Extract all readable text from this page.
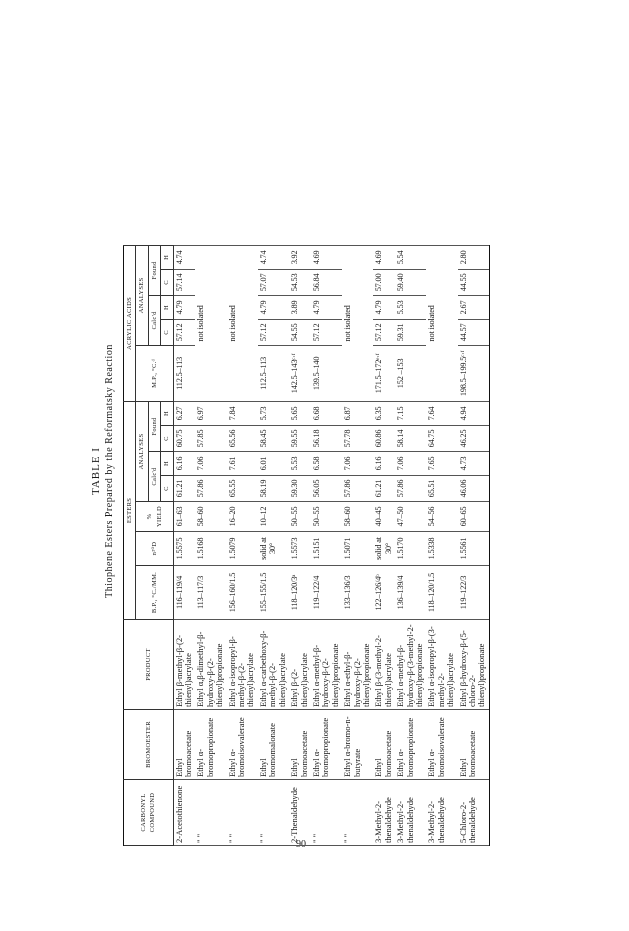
90
TABLE I Thiophene Esters Prepared by the Reformatsky Reaction
CARBONYL COMPOUND	BROMOESTER	PRODUCT	ESTERS							ACRYLIC ACIDS					
			B.P., °C./MM.	n²⁰D	% YIELD	ANALYSES				M.P., °C.ᵈ	ANALYSES				
						Calc'd		Found			Calc'd		Found		
						C	H	C	H		C	H	C	H	
2-Acetothienone	Ethyl bromoacetate	Ethyl β-methyl-β-(2-thienyl)acrylate	116–119/4	1.5575	61–63	61.21	6.16	60.75	6.27	112.5–113	57.12	4.79	57.14	4.74	
" "	Ethyl α-bromopropionate	Ethyl α,β-dimethyl-β-hydroxy-β-(2-thienyl)propionate	113–117/3	1.5168	58–60	57.86	7.06	57.85	6.97	not isolated					
" "	Ethyl α-bromoisovalerate	Ethyl α-isopropyl-β-methyl-β-(2-thienyl)acrylate	156–160/1.5	1.5079	16–20	65.55	7.61	65.56	7.84	not isolated					
" "	Ethyl bromomalonate	Ethyl α-carbethoxy-β-methyl-β-(2-thienyl)acrylate	155–155/1.5	solid at 30°	10–12	58.19	6.01	58.45	5.73	112.5–113	57.12	4.79	57.07	4.74	
2-Thenaldehyde	Ethyl bromoacetate	Ethyl β-(2-thienyl)acrylate	118–120/3ᵃ	1.5573	50–55	59.30	5.53	59.55	5.65	142.5–143ᶜ·ᶠ	54.55	3.89	54.53	3.92	
" "	Ethyl α-bromopropionate	Ethyl α-methyl-β-hydroxy-β-(2-thienyl)propionate	119–122/4	1.5151	50–55	56.05	6.58	56.18	6.68	139.5–140	57.12	4.79	56.84	4.69	
" "	Ethyl α-bromo-n-butyrate	Ethyl α-ethyl-β-hydroxy-β-(2-thienyl)propionate	133–136/3	1.5071	58–60	57.86	7.06	57.78	6.87	not isolated					
3-Methyl-2-thenaldehyde	Ethyl bromoacetate	Ethyl β-(3-methyl-2-thienyl)acrylate	122–126/4ᵇ	solid at 30°	40–45	61.21	6.16	60.86	6.35	171.5–172ᵉ·ᶠ	57.12	4.79	57.00	4.69	
3-Methyl-2-thenaldehyde	Ethyl α-bromopropionate	Ethyl α-methyl-β-hydroxy-β-(3-methyl-2-thienyl)propionate	136–139/4	1.5170	47–50	57.86	7.06	58.14	7.15	152 –153	59.31	5.53	59.40	5.54	
3-Methyl-2-thenaldehyde	Ethyl α-bromoisovalerate	Ethyl α-isopropyl-β-(3-methyl-2-thienyl)acrylate	118–120/1.5	1.5338	54–56	65.51	7.65	64.75	7.64	not isolated					
5-Chloro-2-thenaldehyde	Ethyl bromoacetate	Ethyl β-hydroxy-β-(5-chloro-2-thienyl)propionate	119–122/3	1.5561	60–65	46.06	4.73	46.25	4.94	198.5–199.5ᶜ·ᶠ	44.57	2.67	44.55	2.80	
